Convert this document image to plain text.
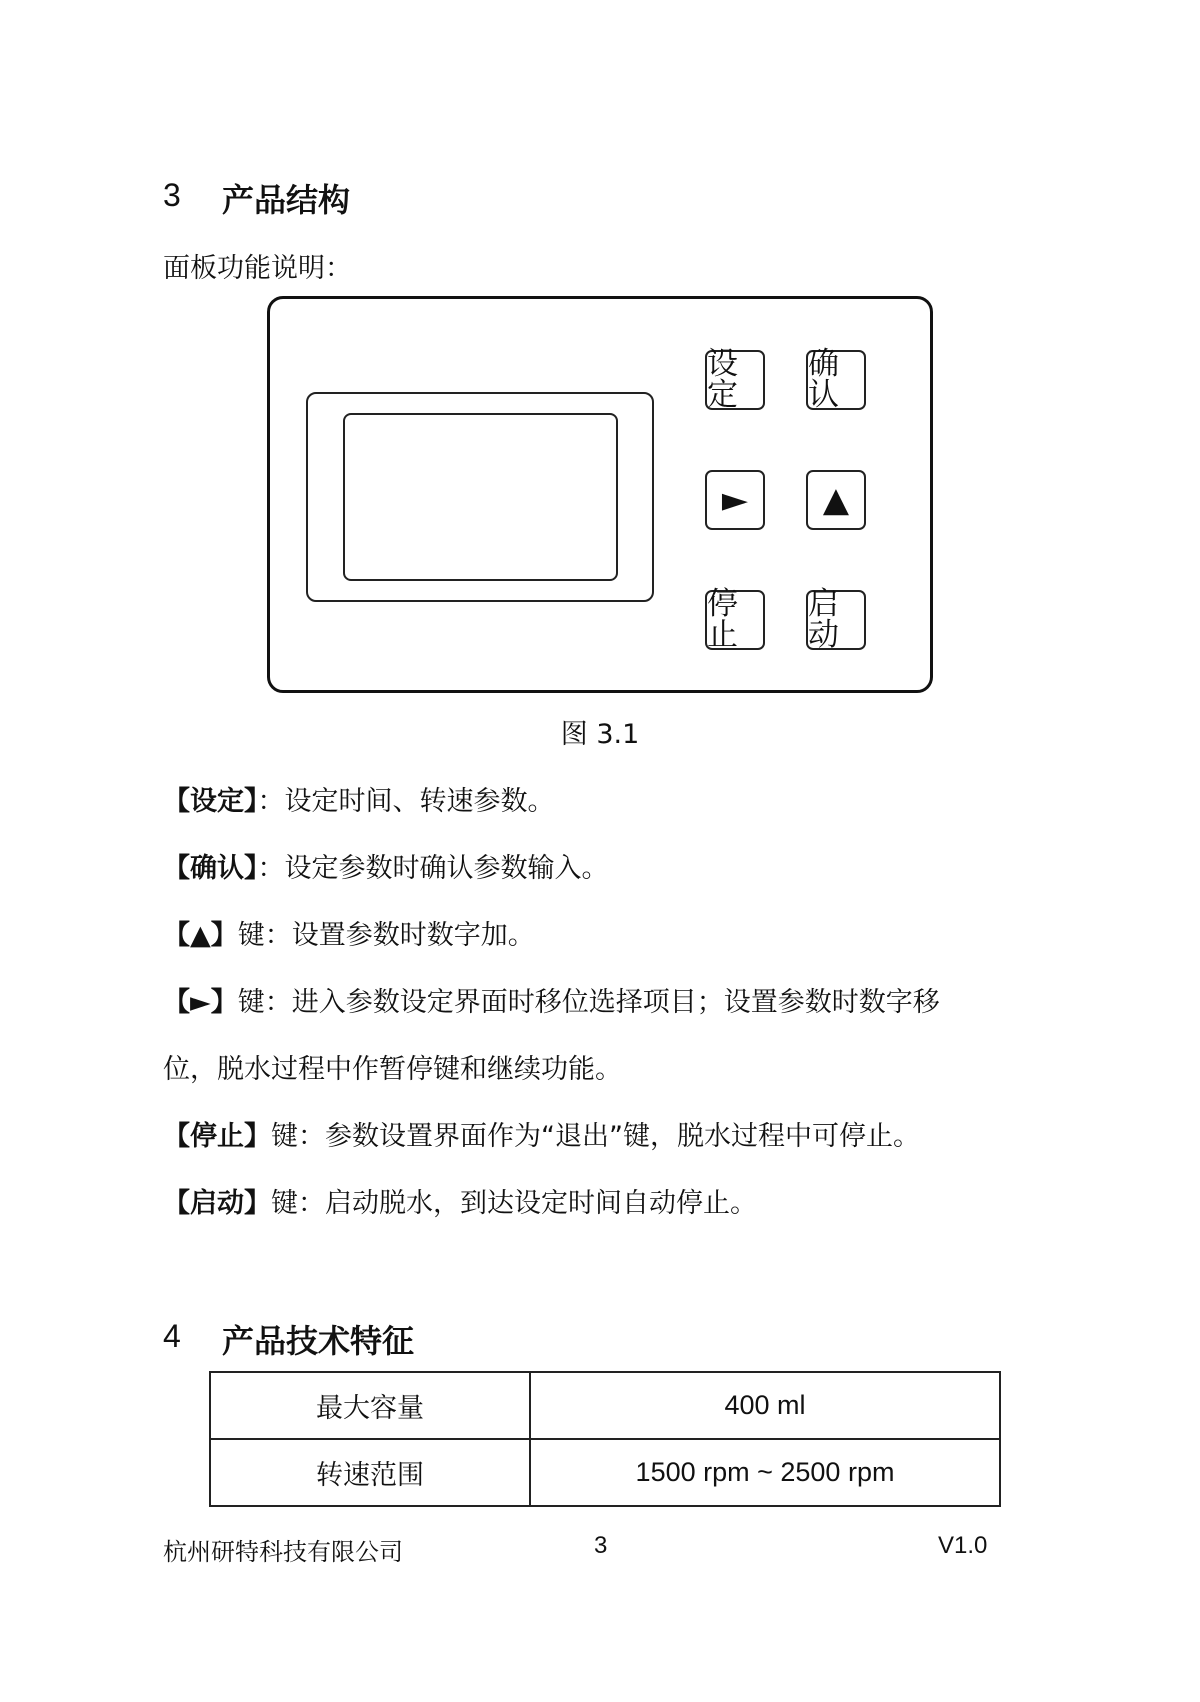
3 产品结构
面板功能说明：
设定
确认
► ▲
停止
启动
图 3.1
【设定】：设定时间、转速参数。
【确认】：设定参数时确认参数输入。
【▲】键：设置参数时数字加。
【►】键：进入参数设定界面时移位选择项目；设置参数时数字移
位，脱水过程中作暂停键和继续功能。
【停止】键：参数设置界面作为“退出”键，脱水过程中可停止。
【启动】键：启动脱水，到达设定时间自动停止。
4 产品技术特征
最大容量	400 ml
转速范围	1500 rpm ~ 2500 rpm
杭州研特科技有限公司	3	V1.0
